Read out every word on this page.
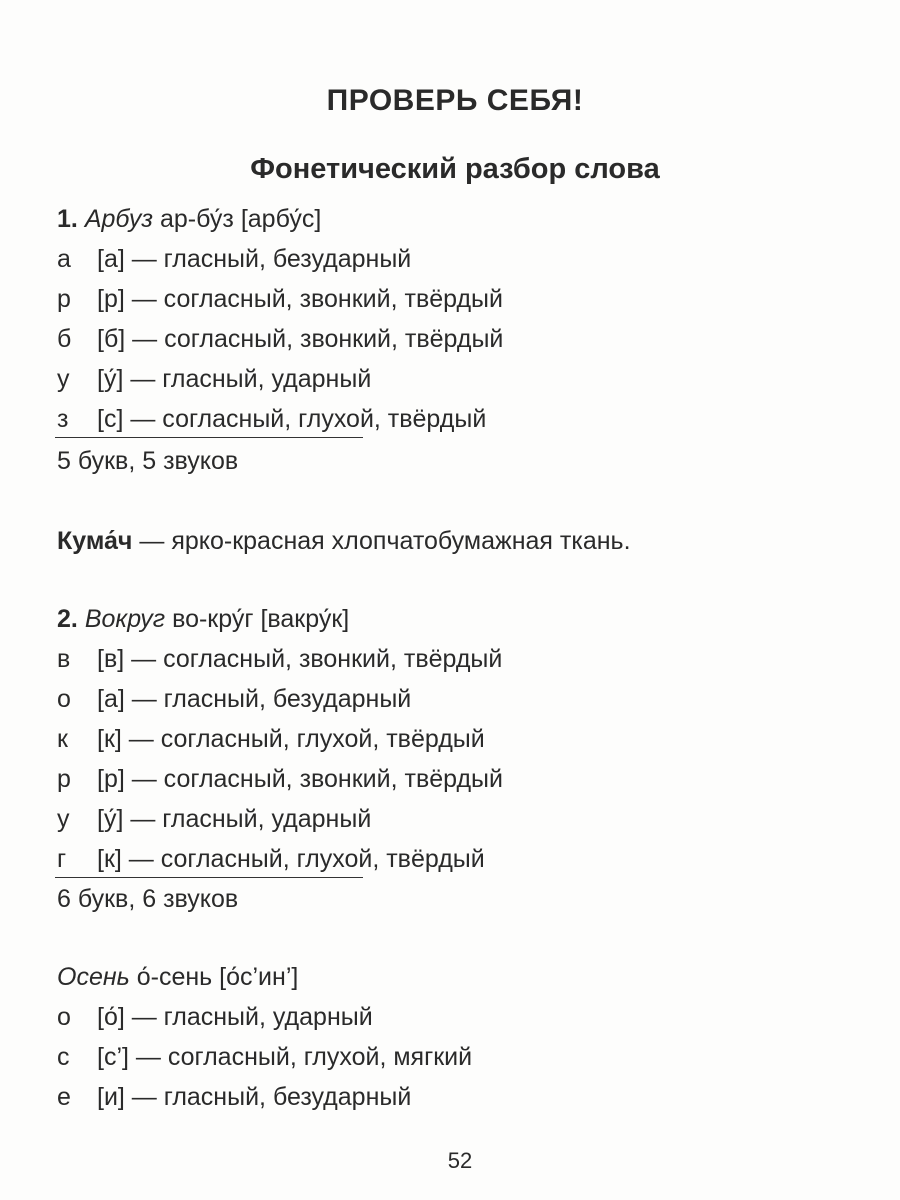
ПРОВЕРЬ СЕБЯ!
Фонетический разбор слова
1. Арбуз ар-бу́з [арбу́с]
а [а] — гласный, безударный
р [р] — согласный, звонкий, твёрдый
б [б] — согласный, звонкий, твёрдый
у [у́] — гласный, ударный
з [с] — согласный, глухой, твёрдый
5 букв, 5 звуков
Кума́ч — ярко-красная хлопчатобумажная ткань.
2. Вокруг во-кру́г [вакру́к]
в [в] — согласный, звонкий, твёрдый
о [а] — гласный, безударный
к [к] — согласный, глухой, твёрдый
р [р] — согласный, звонкий, твёрдый
у [у́] — гласный, ударный
г [к] — согласный, глухой, твёрдый
6 букв, 6 звуков
Осень о́-сень [о́с’ин’]
о [о́] — гласный, ударный
с [с’] — согласный, глухой, мягкий
е [и] — гласный, безударный
52
